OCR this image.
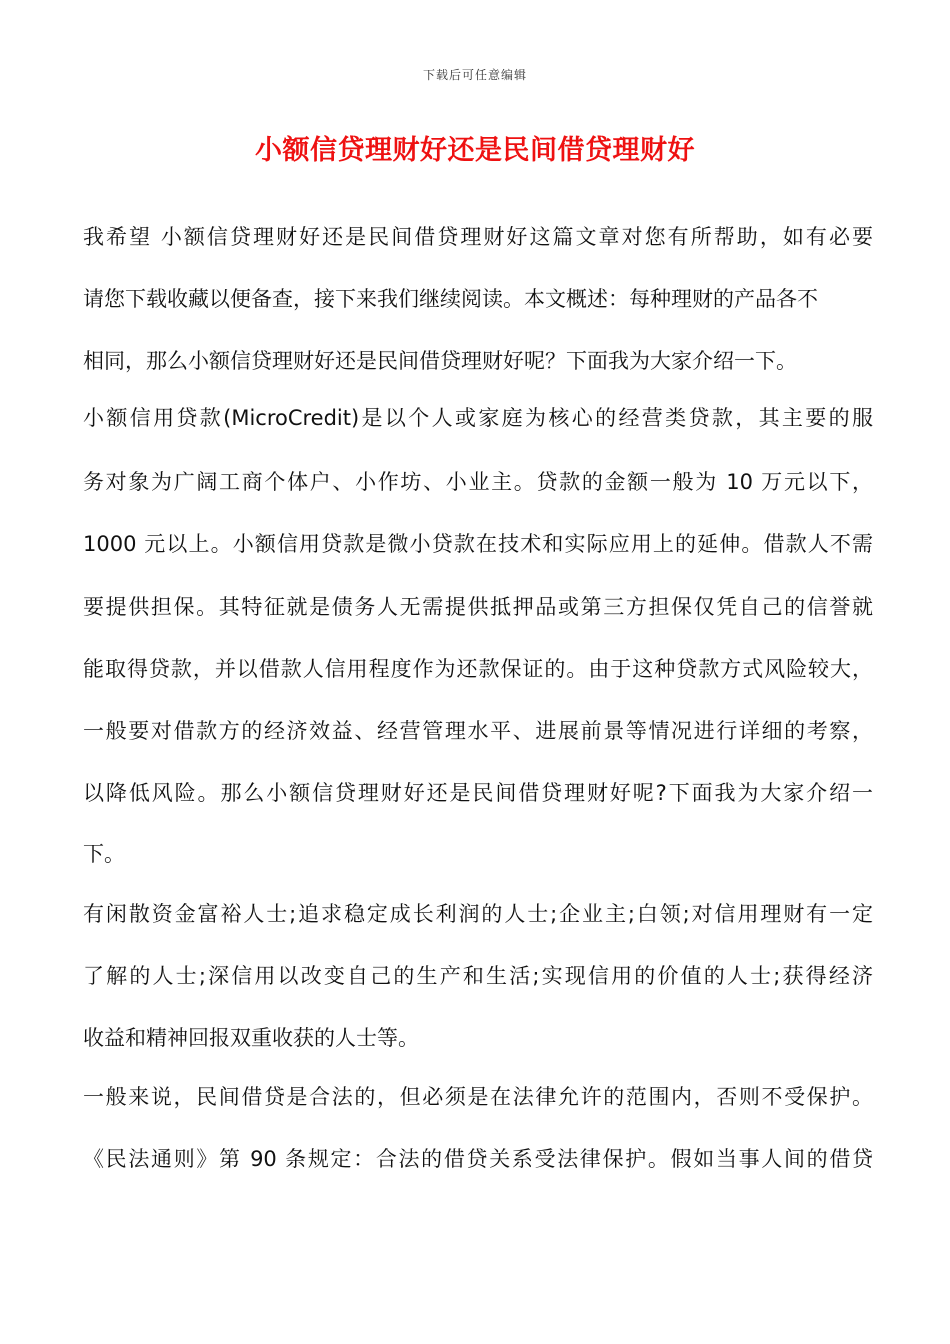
下载后可任意编辑
小额信贷理财好还是民间借贷理财好
我希望 小额信贷理财好还是民间借贷理财好这篇文章对您有所帮助，如有必要
请您下载收藏以便备查，接下来我们继续阅读。本文概述：每种理财的产品各不
相同，那么小额信贷理财好还是民间借贷理财好呢？下面我为大家介绍一下。
小额信用贷款(MicroCredit)是以个人或家庭为核心的经营类贷款，其主要的服
务对象为广阔工商个体户、小作坊、小业主。贷款的金额一般为 10 万元以下，
1000 元以上。小额信用贷款是微小贷款在技术和实际应用上的延伸。借款人不需
要提供担保。其特征就是债务人无需提供抵押品或第三方担保仅凭自己的信誉就
能取得贷款，并以借款人信用程度作为还款保证的。由于这种贷款方式风险较大，
一般要对借款方的经济效益、经营管理水平、进展前景等情况进行详细的考察，
以降低风险。那么小额信贷理财好还是民间借贷理财好呢?下面我为大家介绍一
下。
有闲散资金富裕人士;追求稳定成长利润的人士;企业主;白领;对信用理财有一定
了解的人士;深信用以改变自己的生产和生活;实现信用的价值的人士;获得经济
收益和精神回报双重收获的人士等。
一般来说，民间借贷是合法的，但必须是在法律允许的范围内，否则不受保护。
《民法通则》第 90 条规定：合法的借贷关系受法律保护。假如当事人间的借贷
